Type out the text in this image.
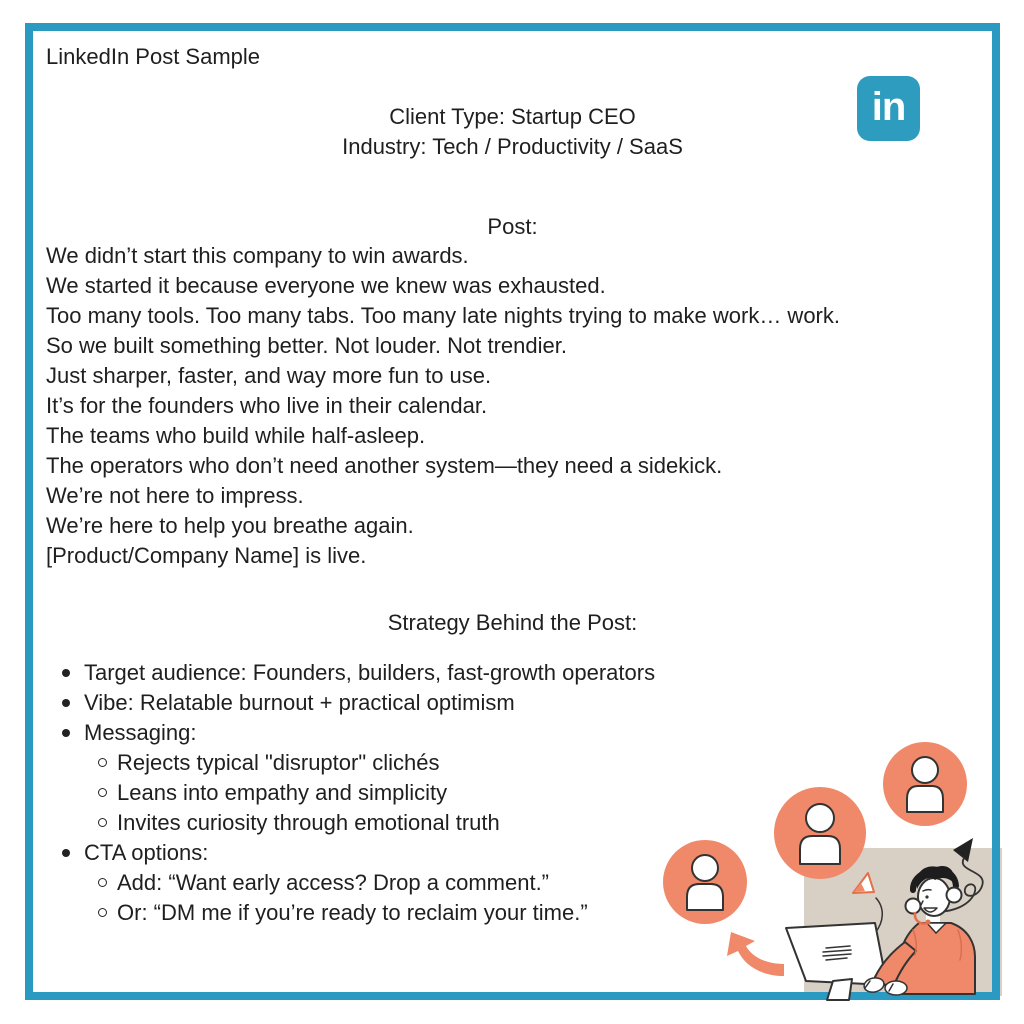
LinkedIn Post Sample
in
Client Type: Startup CEO
Industry: Tech / Productivity / SaaS
Post:
We didn’t start this company to win awards.
We started it because everyone we knew was exhausted.
Too many tools. Too many tabs. Too many late nights trying to make work… work.
So we built something better. Not louder. Not trendier.
Just sharper, faster, and way more fun to use.
It’s for the founders who live in their calendar.
The teams who build while half-asleep.
The operators who don’t need another system—they need a sidekick.
We’re not here to impress.
We’re here to help you breathe again.
[Product/Company Name] is live.
Strategy Behind the Post:
Target audience: Founders, builders, fast-growth operators
Vibe: Relatable burnout + practical optimism
Messaging:
Rejects typical "disruptor" clichés
Leans into empathy and simplicity
Invites curiosity through emotional truth
CTA options:
Add: “Want early access? Drop a comment.”
Or: “DM me if you’re ready to reclaim your time.”
